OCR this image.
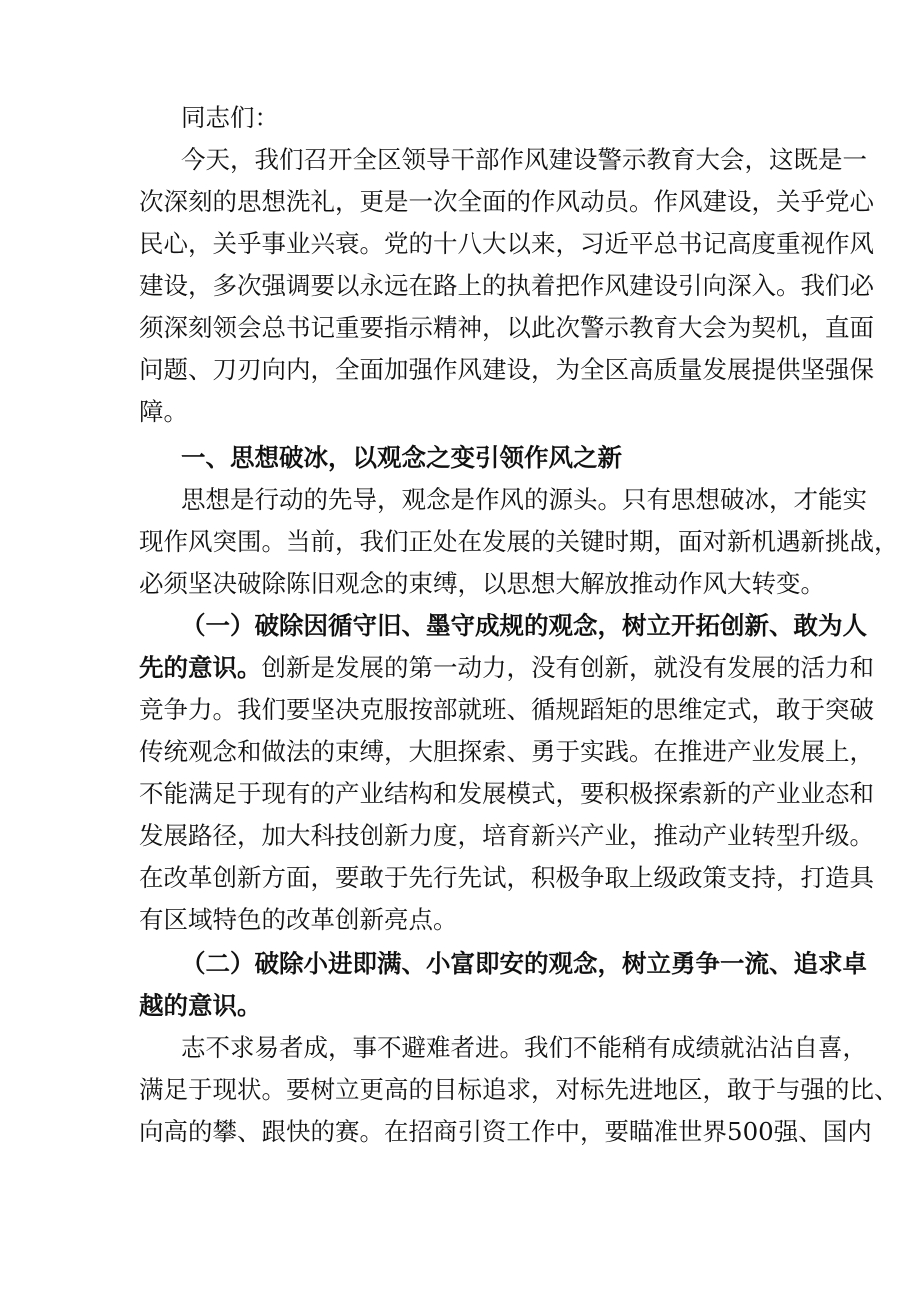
同志们：
今天，我们召开全区领导干部作风建设警示教育大会，这既是一
次深刻的思想洗礼，更是一次全面的作风动员。作风建设，关乎党心
民心，关乎事业兴衰。党的十八大以来，习近平总书记高度重视作风
建设，多次强调要以永远在路上的执着把作风建设引向深入。我们必
须深刻领会总书记重要指示精神，以此次警示教育大会为契机，直面
问题、刀刃向内，全面加强作风建设，为全区高质量发展提供坚强保
障。
一、思想破冰，以观念之变引领作风之新
思想是行动的先导，观念是作风的源头。只有思想破冰，才能实
现作风突围。当前，我们正处在发展的关键时期，面对新机遇新挑战，
必须坚决破除陈旧观念的束缚，以思想大解放推动作风大转变。
（一）破除因循守旧、墨守成规的观念，树立开拓创新、敢为人
先的意识。创新是发展的第一动力，没有创新，就没有发展的活力和
竞争力。我们要坚决克服按部就班、循规蹈矩的思维定式，敢于突破
传统观念和做法的束缚，大胆探索、勇于实践。在推进产业发展上，
不能满足于现有的产业结构和发展模式，要积极探索新的产业业态和
发展路径，加大科技创新力度，培育新兴产业，推动产业转型升级。
在改革创新方面，要敢于先行先试，积极争取上级政策支持，打造具
有区域特色的改革创新亮点。
（二）破除小进即满、小富即安的观念，树立勇争一流、追求卓
越的意识。
志不求易者成，事不避难者进。我们不能稍有成绩就沾沾自喜，
满足于现状。要树立更高的目标追求，对标先进地区，敢于与强的比、
向高的攀、跟快的赛。在招商引资工作中，要瞄准世界500强、国内
